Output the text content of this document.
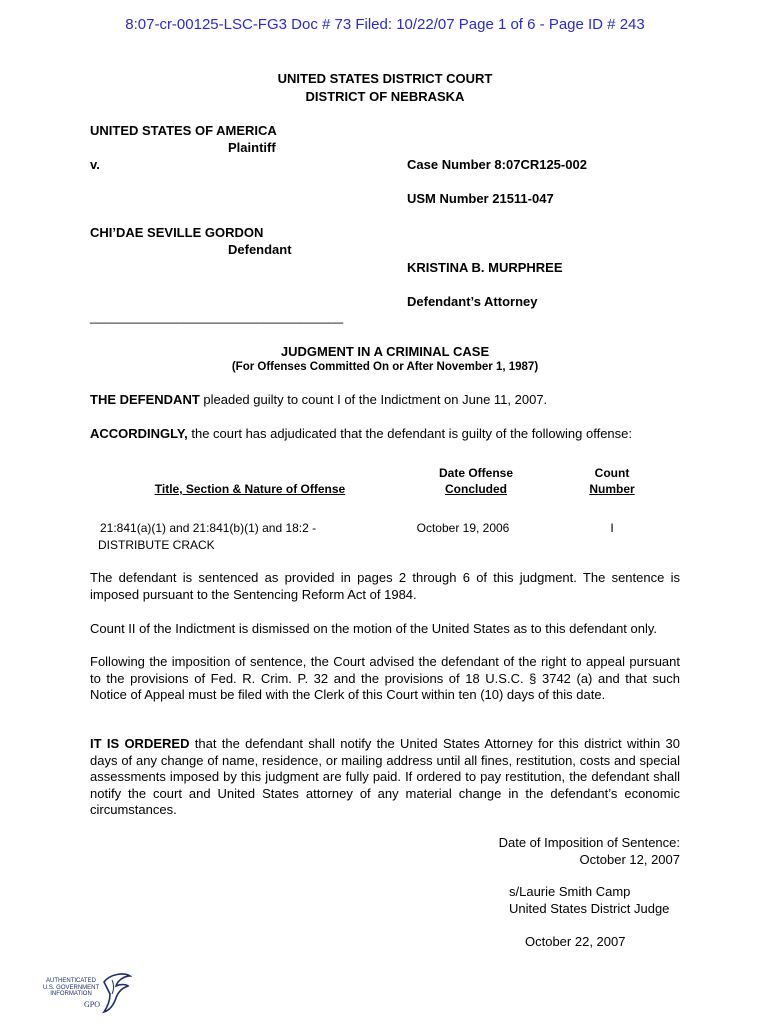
8:07-cr-00125-LSC-FG3 Doc # 73 Filed: 10/22/07 Page 1 of 6 - Page ID # 243
UNITED STATES DISTRICT COURT
DISTRICT OF NEBRASKA
UNITED STATES OF AMERICA
Plaintiff
v.	Case Number 8:07CR125-002
USM Number 21511-047
CHI’DAE SEVILLE GORDON
Defendant
KRISTINA B. MURPHREE
Defendant’s Attorney
___________________________________
JUDGMENT IN A CRIMINAL CASE
(For Offenses Committed On or After November 1, 1987)
THE DEFENDANT pleaded guilty to count I of the Indictment on June 11, 2007.
ACCORDINGLY, the court has adjudicated that the defendant is guilty of the following offense:
Title, Section & Nature of Offense
Date Offense
Concluded
Count
Number
21:841(a)(1) and 21:841(b)(1) and 18:2 -
DISTRIBUTE CRACK
October 19, 2006	I
The defendant is sentenced as provided in pages 2 through 6 of this judgment. The sentence is imposed pursuant to the Sentencing Reform Act of 1984.
Count II of the Indictment is dismissed on the motion of the United States as to this defendant only.
Following the imposition of sentence, the Court advised the defendant of the right to appeal pursuant to the provisions of Fed. R. Crim. P. 32 and the provisions of 18 U.S.C. § 3742 (a) and that such Notice of Appeal must be filed with the Clerk of this Court within ten (10) days of this date.
IT IS ORDERED that the defendant shall notify the United States Attorney for this district within 30 days of any change of name, residence, or mailing address until all fines, restitution, costs and special assessments imposed by this judgment are fully paid. If ordered to pay restitution, the defendant shall notify the court and United States attorney of any material change in the defendant’s economic circumstances.
Date of Imposition of Sentence:
October 12, 2007
s/Laurie Smith Camp
United States District Judge
October 22, 2007
AUTHENTICATED
U.S. GOVERNMENT
INFORMATION
GPO
